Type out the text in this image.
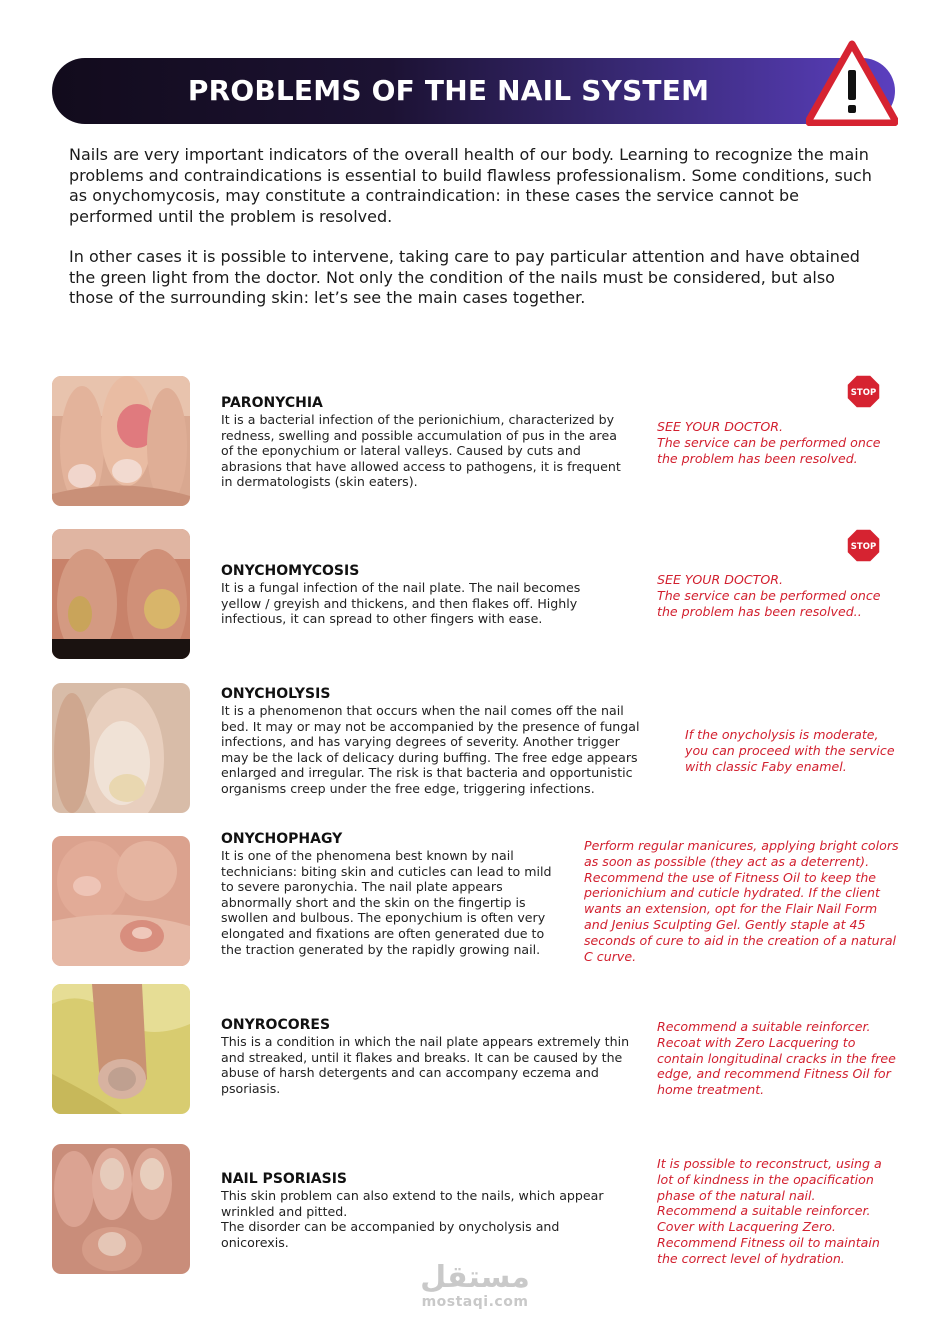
PROBLEMS OF THE NAIL SYSTEM

Nails are very important indicators of the overall health of our body. Learning to recognize the main problems and contraindications is essential to build flawless professionalism. Some conditions, such as onychomycosis, may constitute a contraindication: in these cases the service cannot be performed until the problem is resolved.

In other cases it is possible to intervene, taking care to pay particular attention and have obtained the green light from the doctor. Not only the condition of the nails must be considered, but also those of the surrounding skin: let’s see the main cases together.

PARONYCHIA

It is a bacterial infection of the perionichium, characterized by redness, swelling and possible accumulation of pus in the area of the eponychium or lateral valleys. Caused by cuts and abrasions that have allowed access to pathogens, it is frequent in dermatologists (skin eaters).

STOP

SEE YOUR DOCTOR.
The service can be performed once the problem has been resolved.

ONYCHOMYCOSIS

It is a fungal infection of the nail plate. The nail becomes yellow / greyish and thickens, and then flakes off. Highly infectious, it can spread to other fingers with ease.

STOP

SEE YOUR DOCTOR.
The service can be performed once the problem has been resolved..

ONYCHOLYSIS

It is a phenomenon that occurs when the nail comes off the nail bed. It may or may not be accompanied by the presence of fungal infections, and has varying degrees of severity. Another trigger may be the lack of delicacy during buffing. The free edge appears enlarged and irregular. The risk is that bacteria and opportunistic organisms creep under the free edge, triggering infections.

If the onycholysis is moderate, you can proceed with the service with classic Faby enamel.

ONYCHOPHAGY

It is one of the phenomena best known by nail technicians: biting skin and cuticles can lead to mild to severe paronychia. The nail plate appears abnormally short and the skin on the fingertip is swollen and bulbous. The eponychium is often very elongated and fixations are often generated due to the traction generated by the rapidly growing nail.

Perform regular manicures, applying bright colors as soon as possible (they act as a deterrent). Recommend the use of Fitness Oil to keep the perionichium and cuticle hydrated. If the client wants an extension, opt for the Flair Nail Form and Jenius Sculpting Gel. Gently staple at 45 seconds of cure to aid in the creation of a natural C curve.

ONYROCORES

This is a condition in which the nail plate appears extremely thin and streaked, until it flakes and breaks. It can be caused by the abuse of harsh detergents and can accompany eczema and psoriasis.

Recommend a suitable reinforcer. Recoat with Zero Lacquering to contain longitudinal cracks in the free edge, and recommend Fitness Oil for home treatment.

NAIL PSORIASIS

This skin problem can also extend to the nails, which appear wrinkled and pitted.
The disorder can be accompanied by onycholysis and onicorexis.

It is possible to reconstruct, using a lot of kindness in the opacification phase of the natural nail.
Recommend a suitable reinforcer.
Cover with Lacquering Zero.
Recommend Fitness oil to maintain the correct level of hydration.

مستقل
mostaqi.com
